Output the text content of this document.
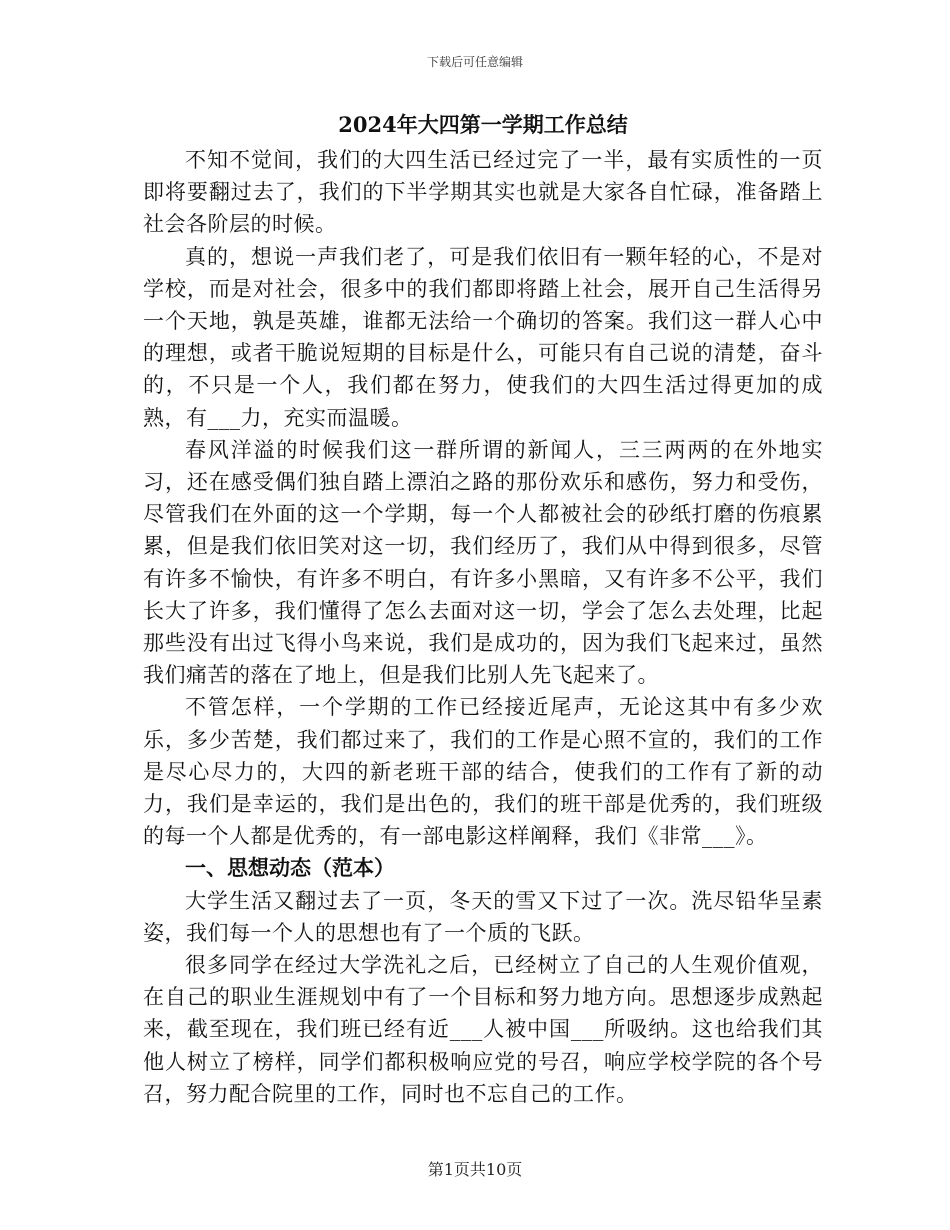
下载后可任意编辑
2024年大四第一学期工作总结

不知不觉间，我们的大四生活已经过完了一半，最有实质性的一页即将要翻过去了，我们的下半学期其实也就是大家各自忙碌，准备踏上社会各阶层的时候。

真的，想说一声我们老了，可是我们依旧有一颗年轻的心，不是对学校，而是对社会，很多中的我们都即将踏上社会，展开自己生活得另一个天地，孰是英雄，谁都无法给一个确切的答案。我们这一群人心中的理想，或者干脆说短期的目标是什么，可能只有自己说的清楚，奋斗的，不只是一个人，我们都在努力，使我们的大四生活过得更加的成熟，有___力，充实而温暖。

春风洋溢的时候我们这一群所谓的新闻人，三三两两的在外地实习，还在感受偶们独自踏上漂泊之路的那份欢乐和感伤，努力和受伤，尽管我们在外面的这一个学期，每一个人都被社会的砂纸打磨的伤痕累累，但是我们依旧笑对这一切，我们经历了，我们从中得到很多，尽管有许多不愉快，有许多不明白，有许多小黑暗，又有许多不公平，我们长大了许多，我们懂得了怎么去面对这一切，学会了怎么去处理，比起那些没有出过飞得小鸟来说，我们是成功的，因为我们飞起来过，虽然我们痛苦的落在了地上，但是我们比别人先飞起来了。

不管怎样，一个学期的工作已经接近尾声，无论这其中有多少欢乐，多少苦楚，我们都过来了，我们的工作是心照不宣的，我们的工作是尽心尽力的，大四的新老班干部的结合，使我们的工作有了新的动力，我们是幸运的，我们是出色的，我们的班干部是优秀的，我们班级的每一个人都是优秀的，有一部电影这样阐释，我们《非常___》。

一、思想动态（范本）

大学生活又翻过去了一页，冬天的雪又下过了一次。洗尽铅华呈素姿，我们每一个人的思想也有了一个质的飞跃。

很多同学在经过大学洗礼之后，已经树立了自己的人生观价值观，在自己的职业生涯规划中有了一个目标和努力地方向。思想逐步成熟起来，截至现在，我们班已经有近___人被中国___所吸纳。这也给我们其他人树立了榜样，同学们都积极响应党的号召，响应学校学院的各个号召，努力配合院里的工作，同时也不忘自己的工作。

第1页共10页
